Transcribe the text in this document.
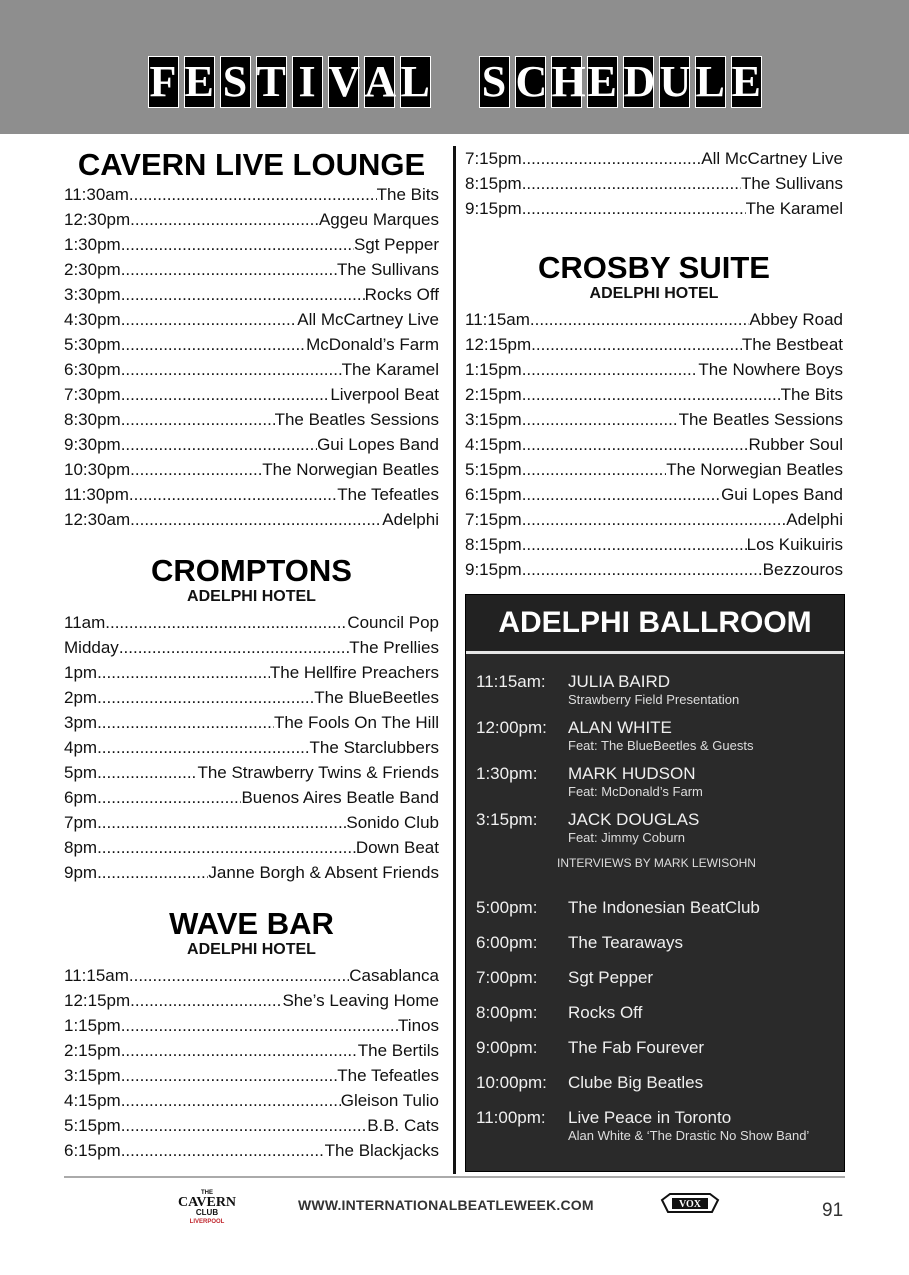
F E S T I V A L S C H E D U L E
CAVERN LIVE LOUNGE
11:30am .....	The Bits
12:30pm .....	Aggeu Marques
1:30pm .....	Sgt Pepper
2:30pm .....	The Sullivans
3:30pm .....	Rocks Off
4:30pm .....	All McCartney Live
5:30pm .....	McDonald’s Farm
6:30pm .....	The Karamel
7:30pm .....	Liverpool Beat
8:30pm .....	The Beatles Sessions
9:30pm .....	Gui Lopes Band
10:30pm .....	The Norwegian Beatles
11:30pm .....	The Tefeatles
12:30am .....	Adelphi
CROMPTONS
ADELPHI HOTEL
11am .....	Council Pop
Midday .....	The Prellies
1pm .....	The Hellfire Preachers
2pm .....	The BlueBeetles
3pm .....	The Fools On The Hill
4pm .....	The Starclubbers
5pm .....	The Strawberry Twins & Friends
6pm .....	Buenos Aires Beatle Band
7pm .....	Sonido Club
8pm .....	Down Beat
9pm .....	Janne Borgh & Absent Friends
WAVE BAR
ADELPHI HOTEL
11:15am .....	Casablanca
12:15pm .....	She’s Leaving Home
1:15pm .....	Tinos
2:15pm .....	The Bertils
3:15pm .....	The Tefeatles
4:15pm .....	Gleison Tulio
5:15pm .....	B.B. Cats
6:15pm .....	The Blackjacks
7:15pm .....	All McCartney Live
8:15pm .....	The Sullivans
9:15pm .....	The Karamel
CROSBY SUITE
ADELPHI HOTEL
11:15am .....	Abbey Road
12:15pm .....	The Bestbeat
1:15pm .....	The Nowhere Boys
2:15pm .....	The Bits
3:15pm .....	The Beatles Sessions
4:15pm .....	Rubber Soul
5:15pm .....	The Norwegian Beatles
6:15pm .....	Gui Lopes Band
7:15pm .....	Adelphi
8:15pm .....	Los Kuikuiris
9:15pm .....	Bezzouros
ADELPHI BALLROOM
11:15am: JULIA BAIRD
Strawberry Field Presentation
12:00pm: ALAN WHITE
Feat: The BlueBeetles & Guests
1:30pm: MARK HUDSON
Feat: McDonald’s Farm
3:15pm: JACK DOUGLAS
Feat: Jimmy Coburn
INTERVIEWS BY MARK LEWISOHN
5:00pm: The Indonesian BeatClub
6:00pm: The Tearaways
7:00pm: Sgt Pepper
8:00pm: Rocks Off
9:00pm: The Fab Fourever
10:00pm: Clube Big Beatles
11:00pm: Live Peace in Toronto
Alan White & ‘The Drastic No Show Band’
THE
CAVERN
CLUB
LIVERPOOL
WWW.INTERNATIONALBEATLEWEEK.COM	VOX	91
